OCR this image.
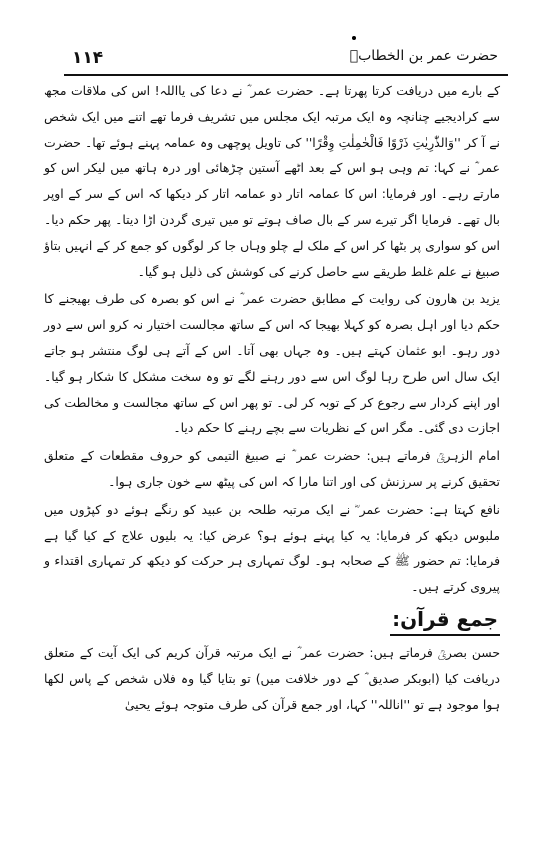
۱۱۴	حضرت عمر بن الخطابؓ

کے بارے میں دریافت کرتا پھرتا ہے۔ حضرت عمر ؓ نے دعا کی یااللہ! اس کی ملاقات مجھ سے کرادیجیے چنانچہ وہ ایک مرتبہ ایک مجلس میں تشریف فرما تھے اتنے میں ایک شخص نے آ کر ''وَالذّٰرِیٰتِ ذَرْوًا فَالْحٰمِلٰتِ وِقْرًا'' کی تاویل پوچھی وہ عمامہ پہنے ہوئے تھا۔ حضرت عمر ؓ نے کہا: تم وہی ہو اس کے بعد اٹھے آستین چڑھائی اور درہ ہاتھ میں لیکر اس کو مارتے رہے۔ اور فرمایا: اس کا عمامہ اتار دو عمامہ اتار کر دیکھا کہ اس کے سر کے اوپر بال تھے۔ فرمایا اگر تیرے سر کے بال صاف ہوتے تو میں تیری گردن اڑا دیتا۔ پھر حکم دیا۔ اس کو سواری پر بٹھا کر اس کے ملک لے چلو وہاں جا کر لوگوں کو جمع کر کے انہیں بتاؤ صبیغ نے علم غلط طریقے سے حاصل کرنے کی کوشش کی ذلیل ہو گیا۔

یزید بن ھارون کی روایت کے مطابق حضرت عمر ؓ نے اس کو بصرہ کی طرف بھیجنے کا حکم دیا اور اہل بصرہ کو کہلا بھیجا کہ اس کے ساتھ مجالست اختیار نہ کرو اس سے دور دور رہو۔ ابو عثمان کہتے ہیں۔ وہ جہاں بھی آتا۔ اس کے آتے ہی لوگ منتشر ہو جاتے ایک سال اس طرح رہا لوگ اس سے دور رہنے لگے تو وہ سخت مشکل کا شکار ہو گیا۔ اور اپنے کردار سے رجوع کر کے توبہ کر لی۔ تو پھر اس کے ساتھ مجالست و مخالطت کی اجازت دی گئی۔ مگر اس کے نظریات سے بچے رہنے کا حکم دیا۔

امام الزہریؒ فرماتے ہیں: حضرت عمر ؓ نے صبیغ التیمی کو حروف مقطعات کے متعلق تحقیق کرنے پر سرزنش کی اور اتنا مارا کہ اس کی پیٹھ سے خون جاری ہوا۔

نافع کہتا ہے: حضرت عمر ؓ نے ایک مرتبہ طلحہ بن عبید کو رنگے ہوئے دو کپڑوں میں ملبوس دیکھ کر فرمایا: یہ کیا پہنے ہوئے ہو؟ عرض کیا: یہ بلیوں علاج کے کیا گیا ہے فرمایا: تم حضور ﷺ کے صحابہ ہو۔ لوگ تمہاری ہر حرکت کو دیکھ کر تمہاری اقتداء و پیروی کرتے ہیں۔

جمع قرآن:

حسن بصریؒ فرماتے ہیں: حضرت عمر ؓ نے ایک مرتبہ قرآن کریم کی ایک آیت کے متعلق دریافت کیا (ابوبکر صدیق ؓ کے دور خلافت میں) تو بتایا گیا وہ فلاں شخص کے پاس لکھا ہوا موجود ہے تو ''اناللہ'' کہا، اور جمع قرآن کی طرف متوجہ ہوئے یحییٰ
